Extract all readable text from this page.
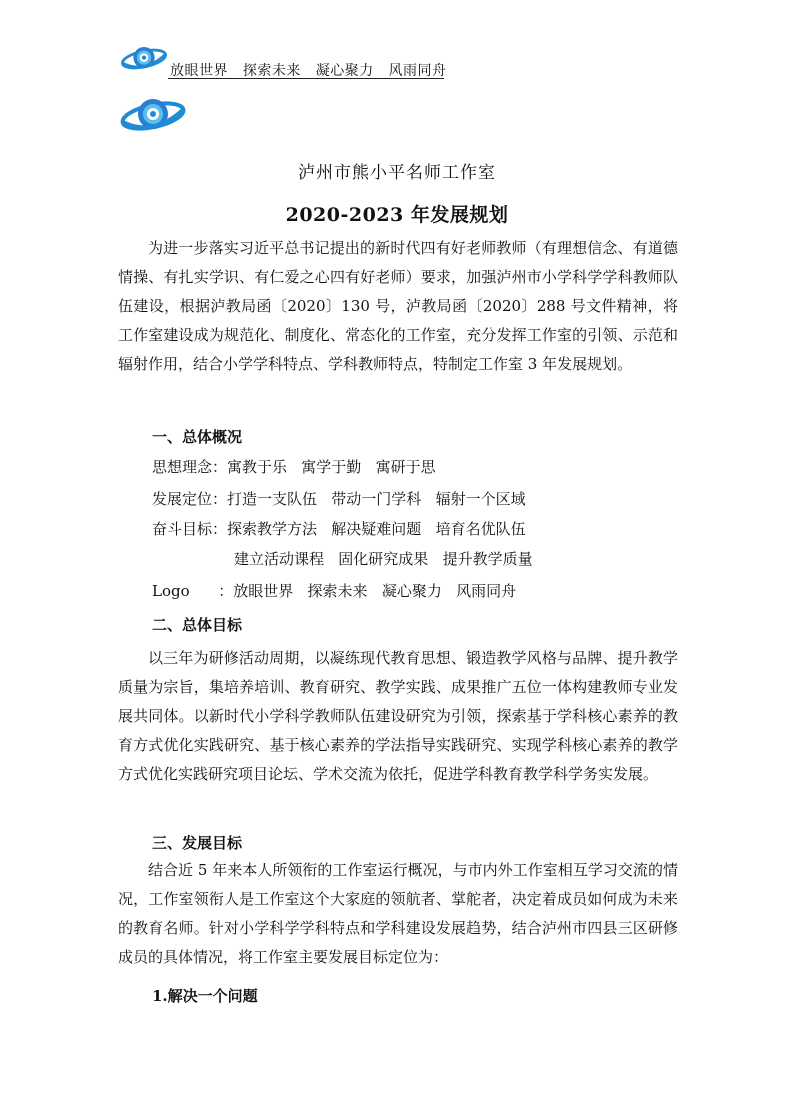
放眼世界   探索未来   凝心聚力   风雨同舟
泸州市熊小平名师工作室
2020-2023 年发展规划

为进一步落实习近平总书记提出的新时代四有好老师教师（有理想信念、有道德情操、有扎实学识、有仁爱之心四有好老师）要求，加强泸州市小学科学学科教师队伍建设，根据泸教局函〔2020〕130 号，泸教局函〔2020〕288 号文件精神，将工作室建设成为规范化、制度化、常态化的工作室，充分发挥工作室的引领、示范和辐射作用，结合小学学科特点、学科教师特点，特制定工作室 3 年发展规划。

一、总体概况
思想理念：寓教于乐   寓学于勤   寓研于思
发展定位：打造一支队伍   带动一门学科   辐射一个区域
奋斗目标：探索教学方法   解决疑难问题   培育名优队伍
建立活动课程   固化研究成果   提升教学质量
Logo      ：放眼世界   探索未来   凝心聚力   风雨同舟
二、总体目标

以三年为研修活动周期，以凝练现代教育思想、锻造教学风格与品牌、提升教学质量为宗旨，集培养培训、教育研究、教学实践、成果推广五位一体构建教师专业发展共同体。以新时代小学科学教师队伍建设研究为引领，探索基于学科核心素养的教育方式优化实践研究、基于核心素养的学法指导实践研究、实现学科核心素养的教学方式优化实践研究项目论坛、学术交流为依托，促进学科教育教学科学务实发展。

三、发展目标

结合近 5 年来本人所领衔的工作室运行概况，与市内外工作室相互学习交流的情况，工作室领衔人是工作室这个大家庭的领航者、掌舵者，决定着成员如何成为未来的教育名师。针对小学科学学科特点和学科建设发展趋势，结合泸州市四县三区研修成员的具体情况，将工作室主要发展目标定位为：

1.解决一个问题
